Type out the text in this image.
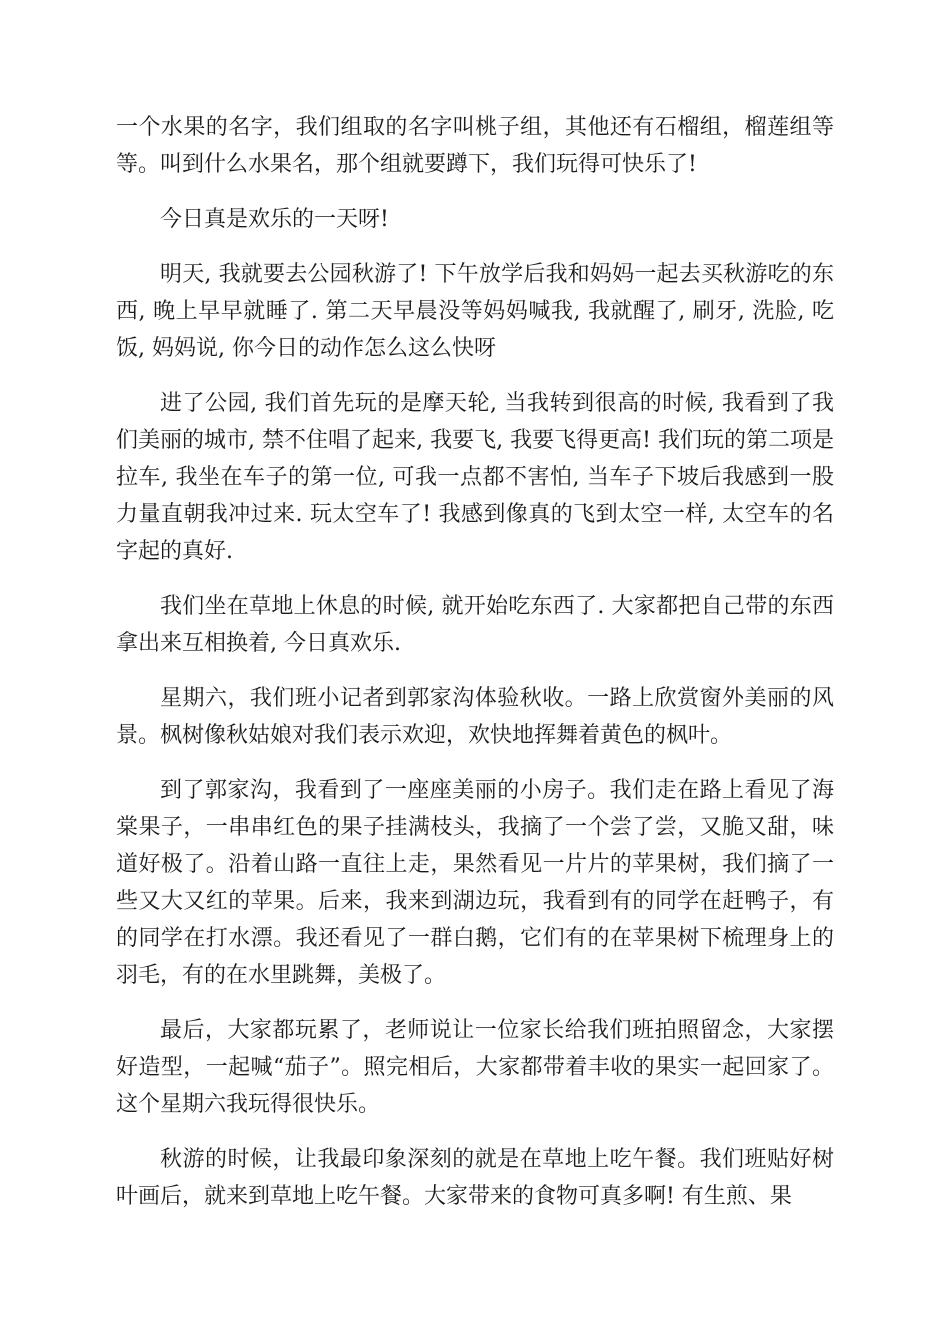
一个水果的名字，我们组取的名字叫桃子组，其他还有石榴组，榴莲组等等。叫到什么水果名，那个组就要蹲下，我们玩得可快乐了!

今日真是欢乐的一天呀!

明天, 我就要去公园秋游了! 下午放学后我和妈妈一起去买秋游吃的东西, 晚上早早就睡了. 第二天早晨没等妈妈喊我, 我就醒了, 刷牙, 洗脸, 吃饭, 妈妈说, 你今日的动作怎么这么快呀

进了公园, 我们首先玩的是摩天轮, 当我转到很高的时候, 我看到了我们美丽的城市, 禁不住唱了起来, 我要飞, 我要飞得更高! 我们玩的第二项是拉车, 我坐在车子的第一位, 可我一点都不害怕, 当车子下坡后我感到一股力量直朝我冲过来. 玩太空车了! 我感到像真的飞到太空一样, 太空车的名字起的真好.

我们坐在草地上休息的时候, 就开始吃东西了. 大家都把自己带的东西拿出来互相换着, 今日真欢乐.

星期六，我们班小记者到郭家沟体验秋收。一路上欣赏窗外美丽的风景。枫树像秋姑娘对我们表示欢迎，欢快地挥舞着黄色的枫叶。

到了郭家沟，我看到了一座座美丽的小房子。我们走在路上看见了海棠果子，一串串红色的果子挂满枝头，我摘了一个尝了尝，又脆又甜，味道好极了。沿着山路一直往上走，果然看见一片片的苹果树，我们摘了一些又大又红的苹果。后来，我来到湖边玩，我看到有的同学在赶鸭子，有的同学在打水漂。我还看见了一群白鹅，它们有的在苹果树下梳理身上的羽毛，有的在水里跳舞，美极了。

最后，大家都玩累了，老师说让一位家长给我们班拍照留念，大家摆好造型，一起喊“茄子”。照完相后，大家都带着丰收的果实一起回家了。这个星期六我玩得很快乐。

秋游的时候，让我最印象深刻的就是在草地上吃午餐。我们班贴好树叶画后，就来到草地上吃午餐。大家带来的食物可真多啊! 有生煎、果
